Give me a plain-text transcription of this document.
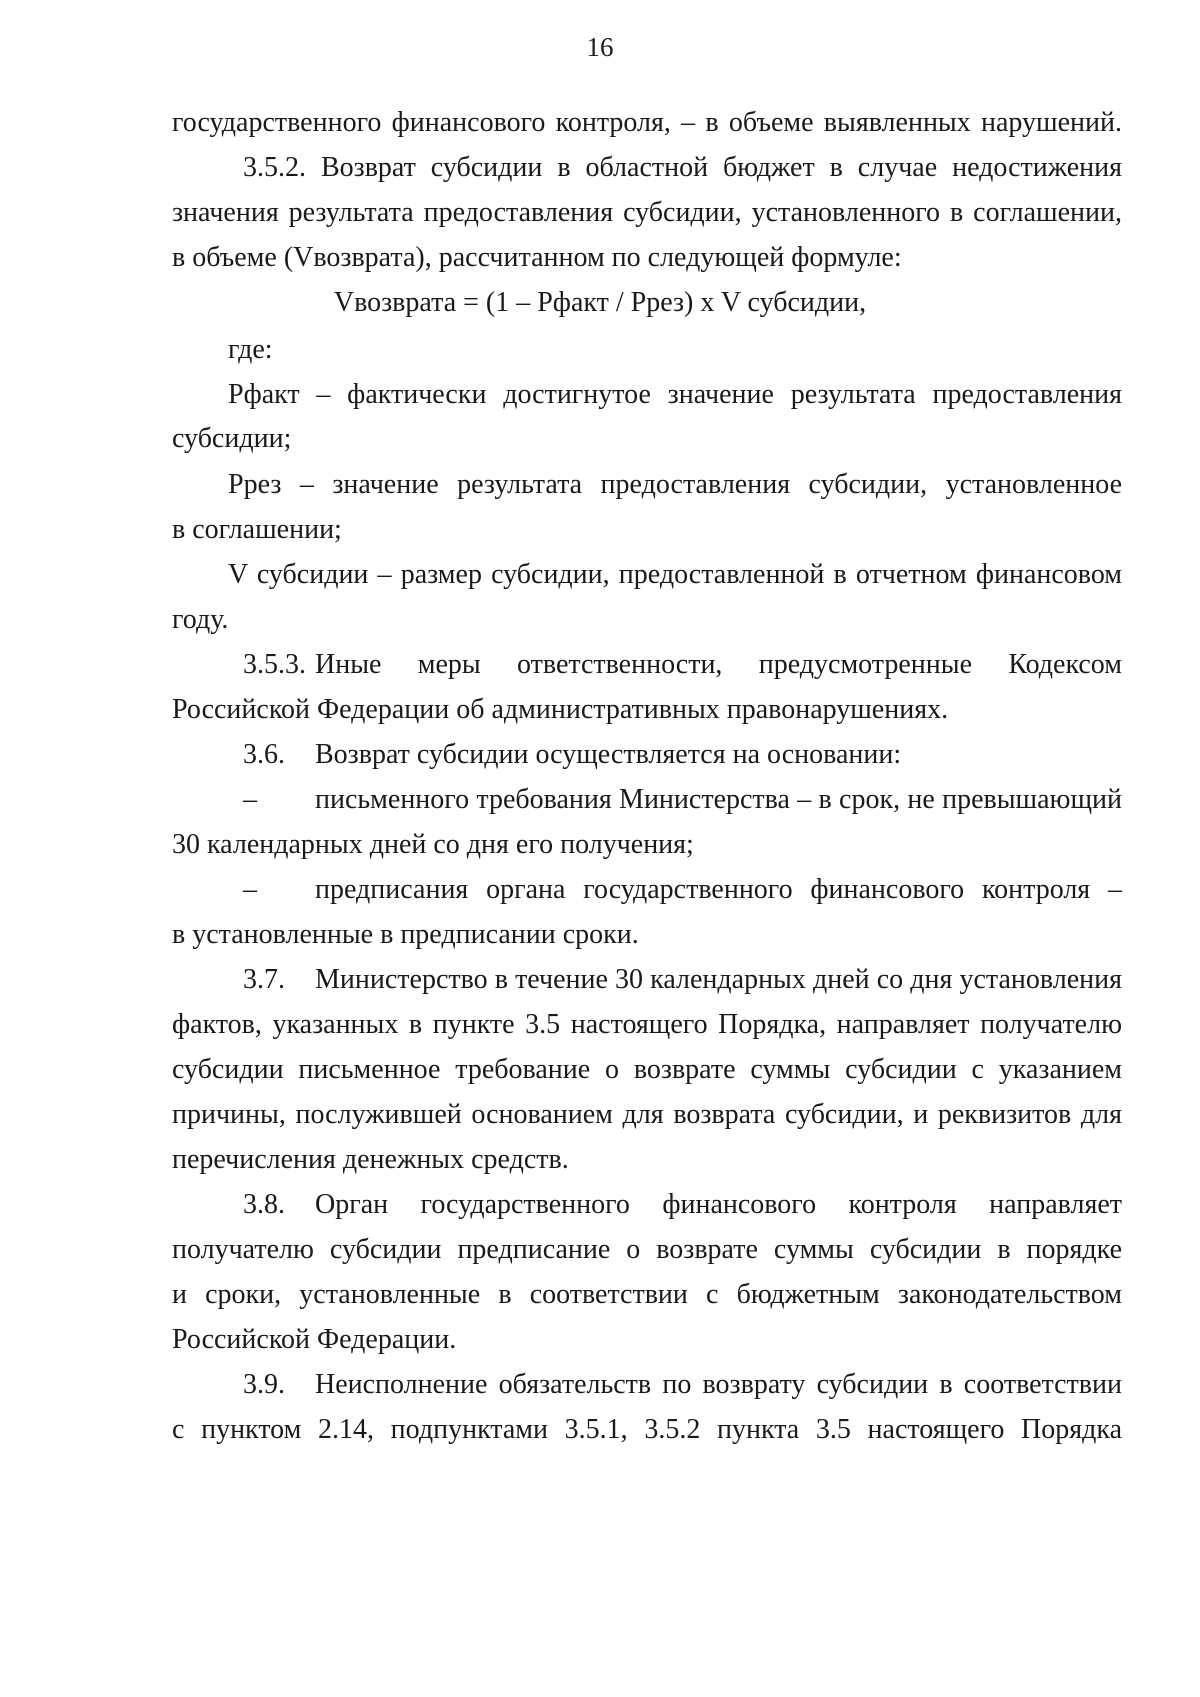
16
государственного финансового контроля, – в объеме выявленных нарушений.
3.5.2. Возврат субсидии в областной бюджет в случае недостижения
значения результата предоставления субсидии, установленного в соглашении,
в объеме (Vвозврата), рассчитанном по следующей формуле:
Vвозврата = (1 – Pфакт / Ррез) x V субсидии,
где:
Pфакт – фактически достигнутое значение результата предоставления
субсидии;
Ррез – значение результата предоставления субсидии, установленное
в соглашении;
V субсидии – размер субсидии, предоставленной в отчетном финансовом
году.
3.5.3. Иные меры ответственности, предусмотренные Кодексом
Российской Федерации об административных правонарушениях.
3.6. Возврат субсидии осуществляется на основании:
–	письменного требования Министерства – в срок, не превышающий
30 календарных дней со дня его получения;
–	предписания органа государственного финансового контроля –
в установленные в предписании сроки.
3.7.	Министерство в течение 30 календарных дней со дня установления
фактов, указанных в пункте 3.5 настоящего Порядка, направляет получателю
субсидии письменное требование о возврате суммы субсидии с указанием
причины, послужившей основанием для возврата субсидии, и реквизитов для
перечисления денежных средств.
3.8.	Орган государственного финансового контроля направляет
получателю субсидии предписание о возврате суммы субсидии в порядке
и сроки, установленные в соответствии с бюджетным законодательством
Российской Федерации.
3.9.	Неисполнение обязательств по возврату субсидии в соответствии
с пунктом 2.14, подпунктами 3.5.1, 3.5.2 пункта 3.5 настоящего Порядка
